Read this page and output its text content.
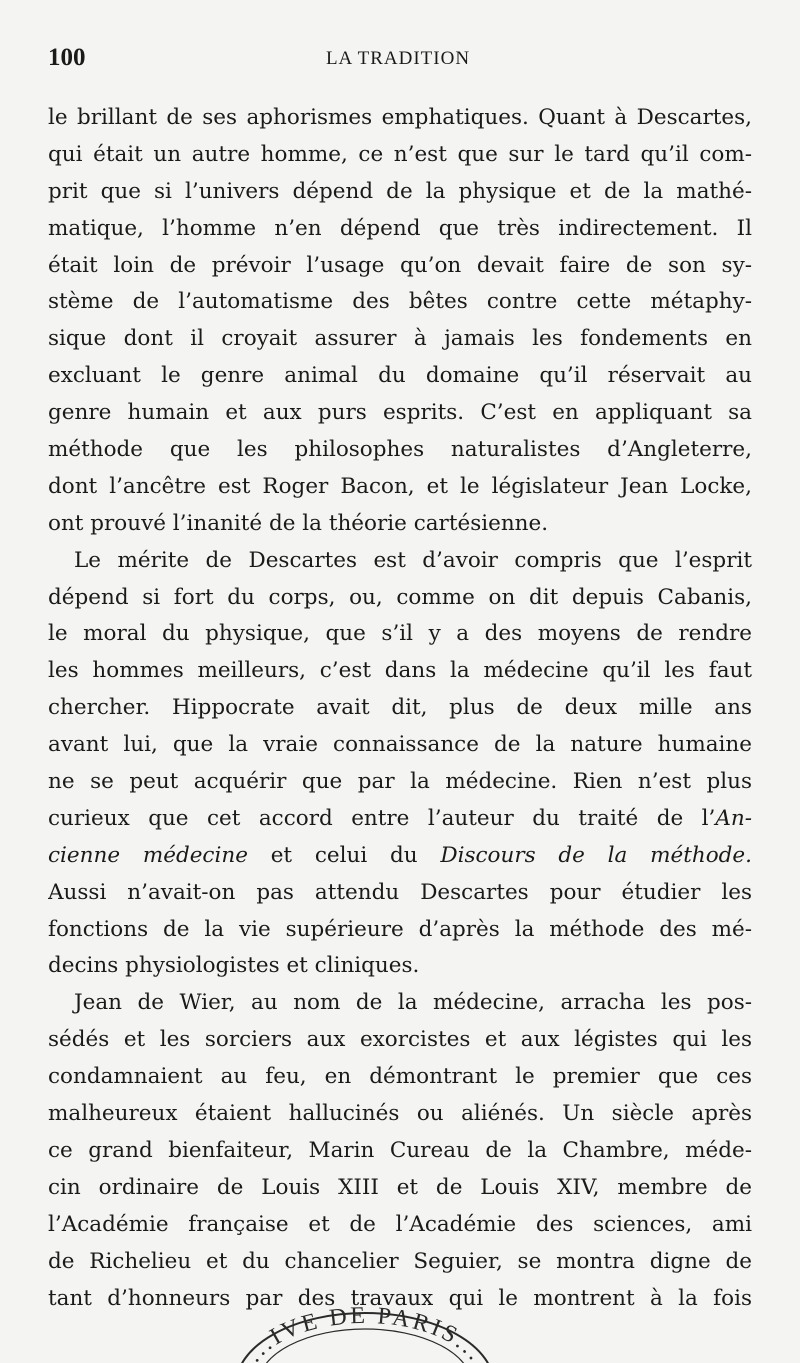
100	LA TRADITION
le brillant de ses aphorismes emphatiques. Quant à Descartes,
qui était un autre homme, ce n’est que sur le tard qu’il com-
prit que si l’univers dépend de la physique et de la mathé-
matique, l’homme n’en dépend que très indirectement. Il
était loin de prévoir l’usage qu’on devait faire de son sy-
stème de l’automatisme des bêtes contre cette métaphy-
sique dont il croyait assurer à jamais les fondements en
excluant le genre animal du domaine qu’il réservait au
genre humain et aux purs esprits. C’est en appliquant sa
méthode que les philosophes naturalistes d’Angleterre,
dont l’ancêtre est Roger Bacon, et le législateur Jean Locke,
ont prouvé l’inanité de la théorie cartésienne.
Le mérite de Descartes est d’avoir compris que l’esprit
dépend si fort du corps, ou, comme on dit depuis Cabanis,
le moral du physique, que s’il y a des moyens de rendre
les hommes meilleurs, c’est dans la médecine qu’il les faut
chercher. Hippocrate avait dit, plus de deux mille ans
avant lui, que la vraie connaissance de la nature humaine
ne se peut acquérir que par la médecine. Rien n’est plus
curieux que cet accord entre l’auteur du traité de l’An-
cienne médecine et celui du Discours de la méthode.
Aussi n’avait-on pas attendu Descartes pour étudier les
fonctions de la vie supérieure d’après la méthode des mé-
decins physiologistes et cliniques.
Jean de Wier, au nom de la médecine, arracha les pos-
sédés et les sorciers aux exorcistes et aux légistes qui les
condamnaient au feu, en démontrant le premier que ces
malheureux étaient hallucinés ou aliénés. Un siècle après
ce grand bienfaiteur, Marin Cureau de la Chambre, méde-
cin ordinaire de Louis XIII et de Louis XIV, membre de
l’Académie française et de l’Académie des sciences, ami
de Richelieu et du chancelier Seguier, se montra digne de
tant d’honneurs par des travaux qui le montrent à la fois
...IVE DE PARIS...
